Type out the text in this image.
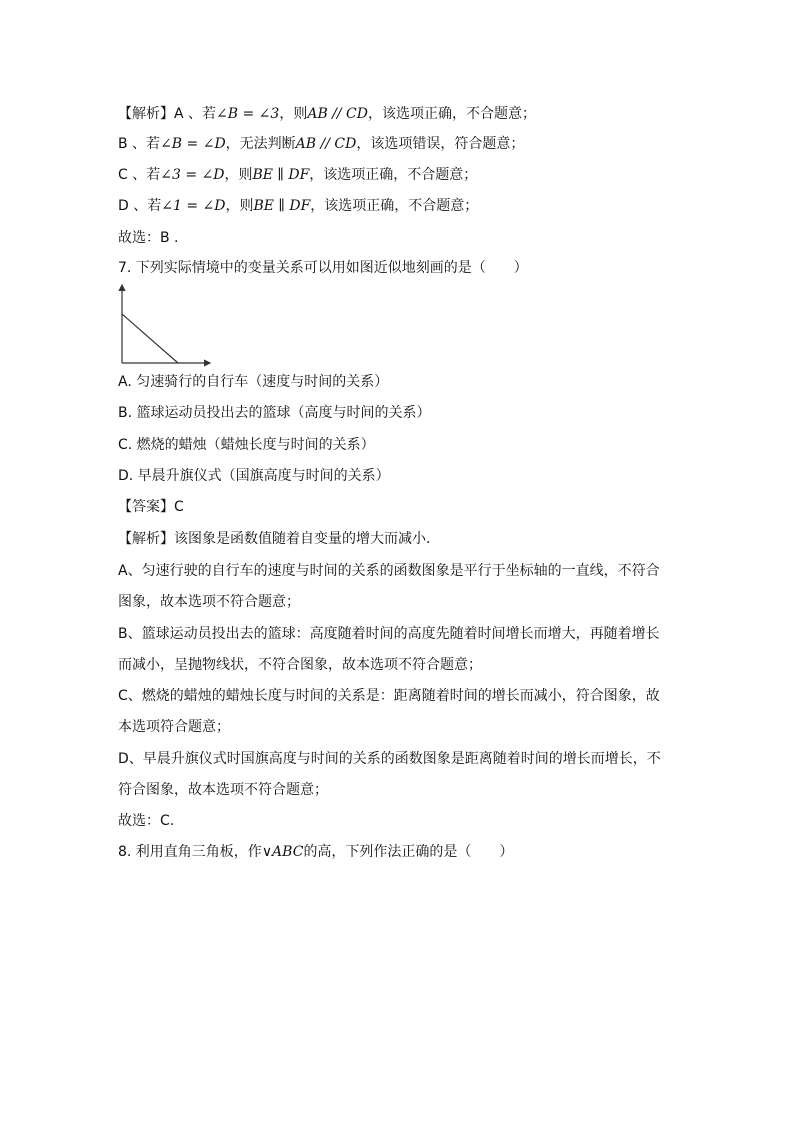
【解析】A 、若∠B = ∠3，则AB // CD，该选项正确，不合题意；
B 、若∠B = ∠D，无法判断AB // CD，该选项错误，符合题意；
C 、若∠3 = ∠D，则BE ∥ DF，该选项正确，不合题意；
D 、若∠1 = ∠D，则BE ∥ DF，该选项正确，不合题意；
故选：B .
7. 下列实际情境中的变量关系可以用如图近似地刻画的是（　　）
A. 匀速骑行的自行车（速度与时间的关系）
B. 篮球运动员投出去的篮球（高度与时间的关系）
C. 燃烧的蜡烛（蜡烛长度与时间的关系）
D. 早晨升旗仪式（国旗高度与时间的关系）
【答案】C
【解析】该图象是函数值随着自变量的增大而减小．
A、匀速行驶的自行车的速度与时间的关系的函数图象是平行于坐标轴的一直线，不符合
图象，故本选项不符合题意；
B、篮球运动员投出去的篮球：高度随着时间的高度先随着时间增长而增大，再随着增长
而减小，呈抛物线状，不符合图象，故本选项不符合题意；
C、燃烧的蜡烛的蜡烛长度与时间的关系是：距离随着时间的增长而减小，符合图象，故
本选项符合题意；
D、早晨升旗仪式时国旗高度与时间的关系的函数图象是距离随着时间的增长而增长，不
符合图象，故本选项不符合题意；
故选：C.
8. 利用直角三角板，作∨ABC的高，下列作法正确的是（　　）
